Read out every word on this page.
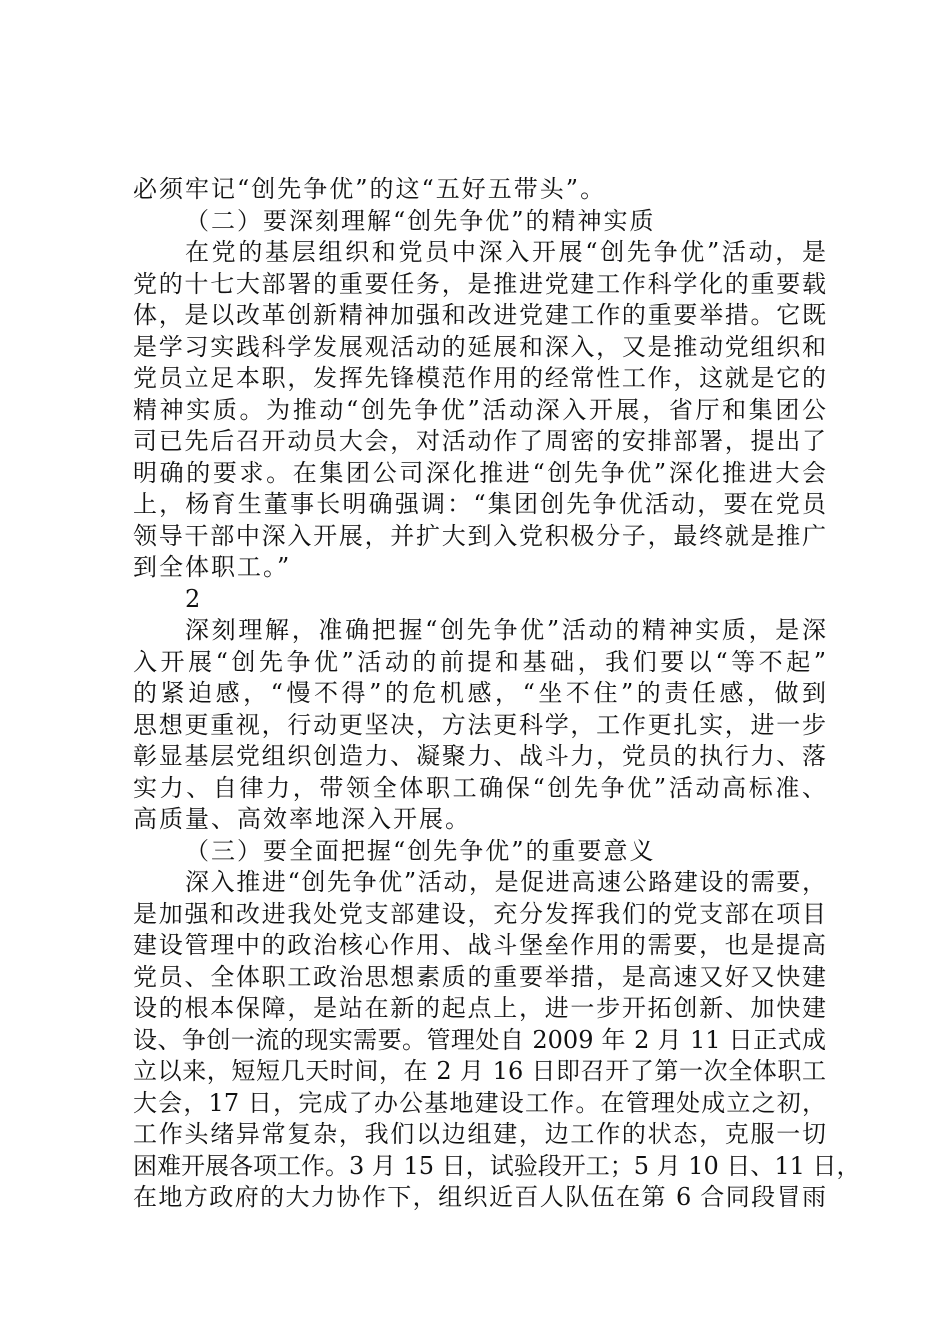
必须牢记“创先争优”的这“五好五带头”。
（二）要深刻理解“创先争优”的精神实质
在党的基层组织和党员中深入开展“创先争优”活动，是
党的十七大部署的重要任务，是推进党建工作科学化的重要载
体，是以改革创新精神加强和改进党建工作的重要举措。它既
是学习实践科学发展观活动的延展和深入，又是推动党组织和
党员立足本职，发挥先锋模范作用的经常性工作，这就是它的
精神实质。为推动“创先争优”活动深入开展，省厅和集团公
司已先后召开动员大会，对活动作了周密的安排部署，提出了
明确的要求。在集团公司深化推进“创先争优”深化推进大会
上，杨育生董事长明确强调：“集团创先争优活动，要在党员
领导干部中深入开展，并扩大到入党积极分子，最终就是推广
到全体职工。”
2
深刻理解，准确把握“创先争优”活动的精神实质，是深
入开展“创先争优”活动的前提和基础，我们要以“等不起”
的紧迫感，“慢不得”的危机感，“坐不住”的责任感，做到
思想更重视，行动更坚决，方法更科学，工作更扎实，进一步
彰显基层党组织创造力、凝聚力、战斗力，党员的执行力、落
实力、自律力，带领全体职工确保“创先争优”活动高标准、
高质量、高效率地深入开展。
（三）要全面把握“创先争优”的重要意义
深入推进“创先争优”活动，是促进高速公路建设的需要，
是加强和改进我处党支部建设，充分发挥我们的党支部在项目
建设管理中的政治核心作用、战斗堡垒作用的需要，也是提高
党员、全体职工政治思想素质的重要举措，是高速又好又快建
设的根本保障，是站在新的起点上，进一步开拓创新、加快建
设、争创一流的现实需要。管理处自 2009 年 2 月 11 日正式成
立以来，短短几天时间，在 2 月 16 日即召开了第一次全体职工
大会，17 日，完成了办公基地建设工作。在管理处成立之初，
工作头绪异常复杂，我们以边组建，边工作的状态，克服一切
困难开展各项工作。3 月 15 日，试验段开工；5 月 10 日、11 日，
在地方政府的大力协作下，组织近百人队伍在第 6 合同段冒雨
